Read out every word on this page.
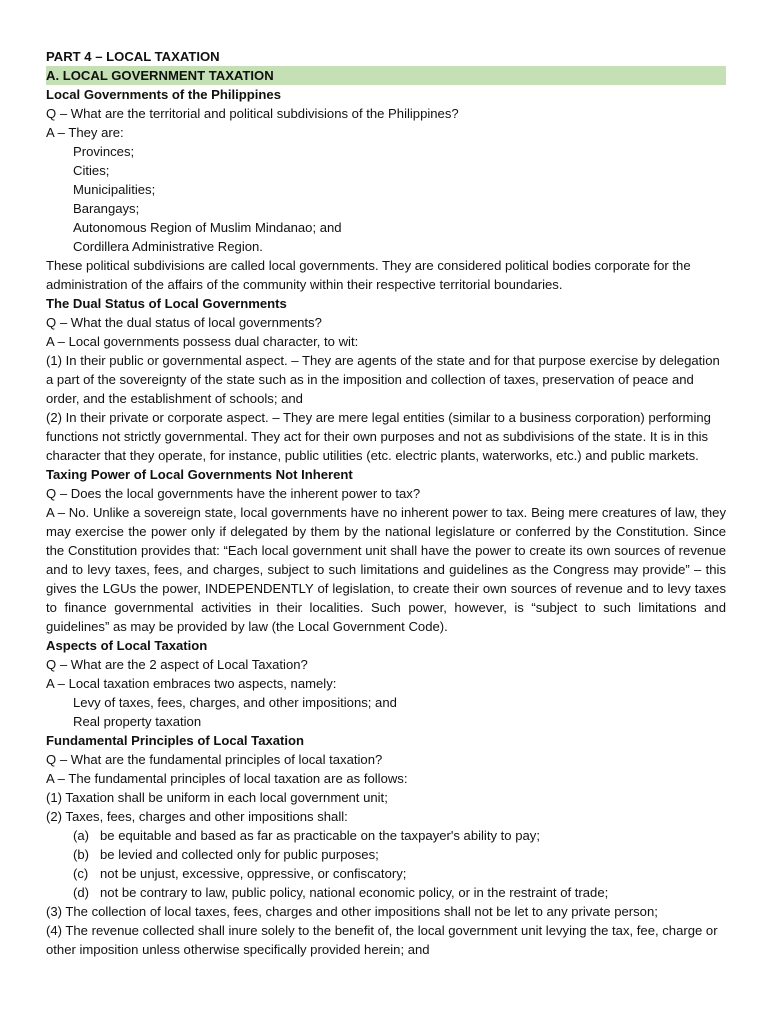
PART 4 – LOCAL TAXATION
A. LOCAL GOVERNMENT TAXATION
Local Governments of the Philippines
Q – What are the territorial and political subdivisions of the Philippines?
A – They are:
Provinces;
Cities;
Municipalities;
Barangays;
Autonomous Region of Muslim Mindanao; and
Cordillera Administrative Region.
These political subdivisions are called local governments. They are considered political bodies corporate for the administration of the affairs of the community within their respective territorial boundaries.
The Dual Status of Local Governments
Q – What the dual status of local governments?
A – Local governments possess dual character, to wit:
(1) In their public or governmental aspect. – They are agents of the state and for that purpose exercise by delegation a part of the sovereignty of the state such as in the imposition and collection of taxes, preservation of peace and order, and the establishment of schools; and
(2) In their private or corporate aspect. – They are mere legal entities (similar to a business corporation) performing functions not strictly governmental. They act for their own purposes and not as subdivisions of the state. It is in this character that they operate, for instance, public utilities (etc. electric plants, waterworks, etc.) and public markets.
Taxing Power of Local Governments Not Inherent
Q – Does the local governments have the inherent power to tax?
A – No. Unlike a sovereign state, local governments have no inherent power to tax. Being mere creatures of law, they may exercise the power only if delegated by them by the national legislature or conferred by the Constitution. Since the Constitution provides that: “Each local government unit shall have the power to create its own sources of revenue and to levy taxes, fees, and charges, subject to such limitations and guidelines as the Congress may provide” – this gives the LGUs the power, INDEPENDENTLY of legislation, to create their own sources of revenue and to levy taxes to finance governmental activities in their localities. Such power, however, is “subject to such limitations and guidelines” as may be provided by law (the Local Government Code).
Aspects of Local Taxation
Q – What are the 2 aspect of Local Taxation?
A – Local taxation embraces two aspects, namely:
Levy of taxes, fees, charges, and other impositions; and
Real property taxation
Fundamental Principles of Local Taxation
Q – What are the fundamental principles of local taxation?
A – The fundamental principles of local taxation are as follows:
(1) Taxation shall be uniform in each local government unit;
(2) Taxes, fees, charges and other impositions shall:
(a) be equitable and based as far as practicable on the taxpayer's ability to pay;
(b) be levied and collected only for public purposes;
(c) not be unjust, excessive, oppressive, or confiscatory;
(d) not be contrary to law, public policy, national economic policy, or in the restraint of trade;
(3) The collection of local taxes, fees, charges and other impositions shall not be let to any private person;
(4) The revenue collected shall inure solely to the benefit of, the local government unit levying the tax, fee, charge or other imposition unless otherwise specifically provided herein; and
